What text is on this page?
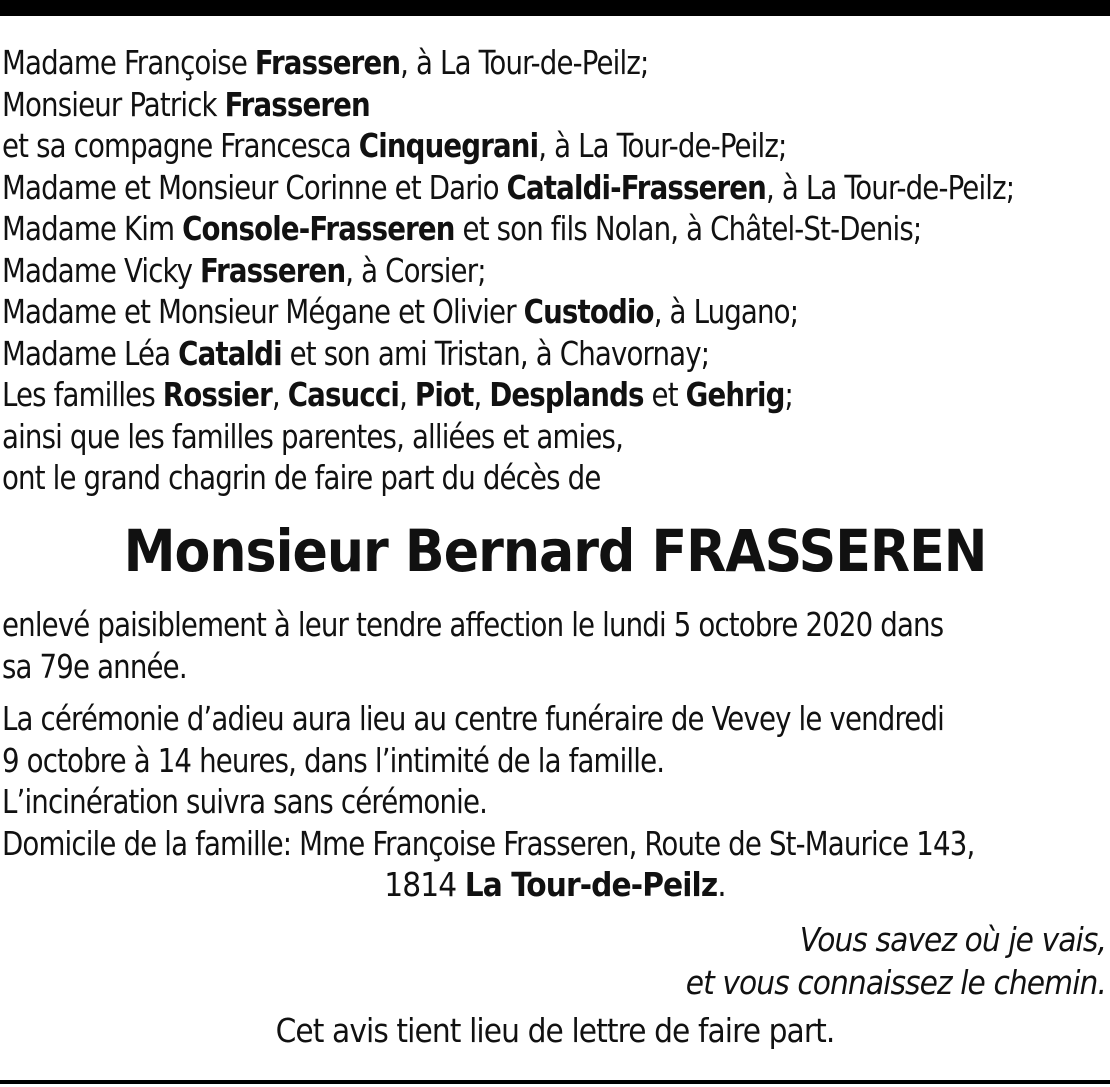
Madame Françoise Frasseren, à La Tour-de-Peilz;
Monsieur Patrick Frasseren
et sa compagne Francesca Cinquegrani, à La Tour-de-Peilz;
Madame et Monsieur Corinne et Dario Cataldi-Frasseren, à La Tour-de-Peilz;
Madame Kim Console-Frasseren et son fils Nolan, à Châtel-St-Denis;
Madame Vicky Frasseren, à Corsier;
Madame et Monsieur Mégane et Olivier Custodio, à Lugano;
Madame Léa Cataldi et son ami Tristan, à Chavornay;
Les familles Rossier, Casucci, Piot, Desplands et Gehrig;
ainsi que les familles parentes, alliées et amies,
ont le grand chagrin de faire part du décès de
Monsieur Bernard FRASSEREN
enlevé paisiblement à leur tendre affection le lundi 5 octobre 2020 dans
sa 79e année.
La cérémonie d’adieu aura lieu au centre funéraire de Vevey le vendredi
9 octobre à 14 heures, dans l’intimité de la famille.
L’incinération suivra sans cérémonie.
Domicile de la famille: Mme Françoise Frasseren, Route de St-Maurice 143,
1814 La Tour-de-Peilz.
Vous savez où je vais,
et vous connaissez le chemin.
Cet avis tient lieu de lettre de faire part.
